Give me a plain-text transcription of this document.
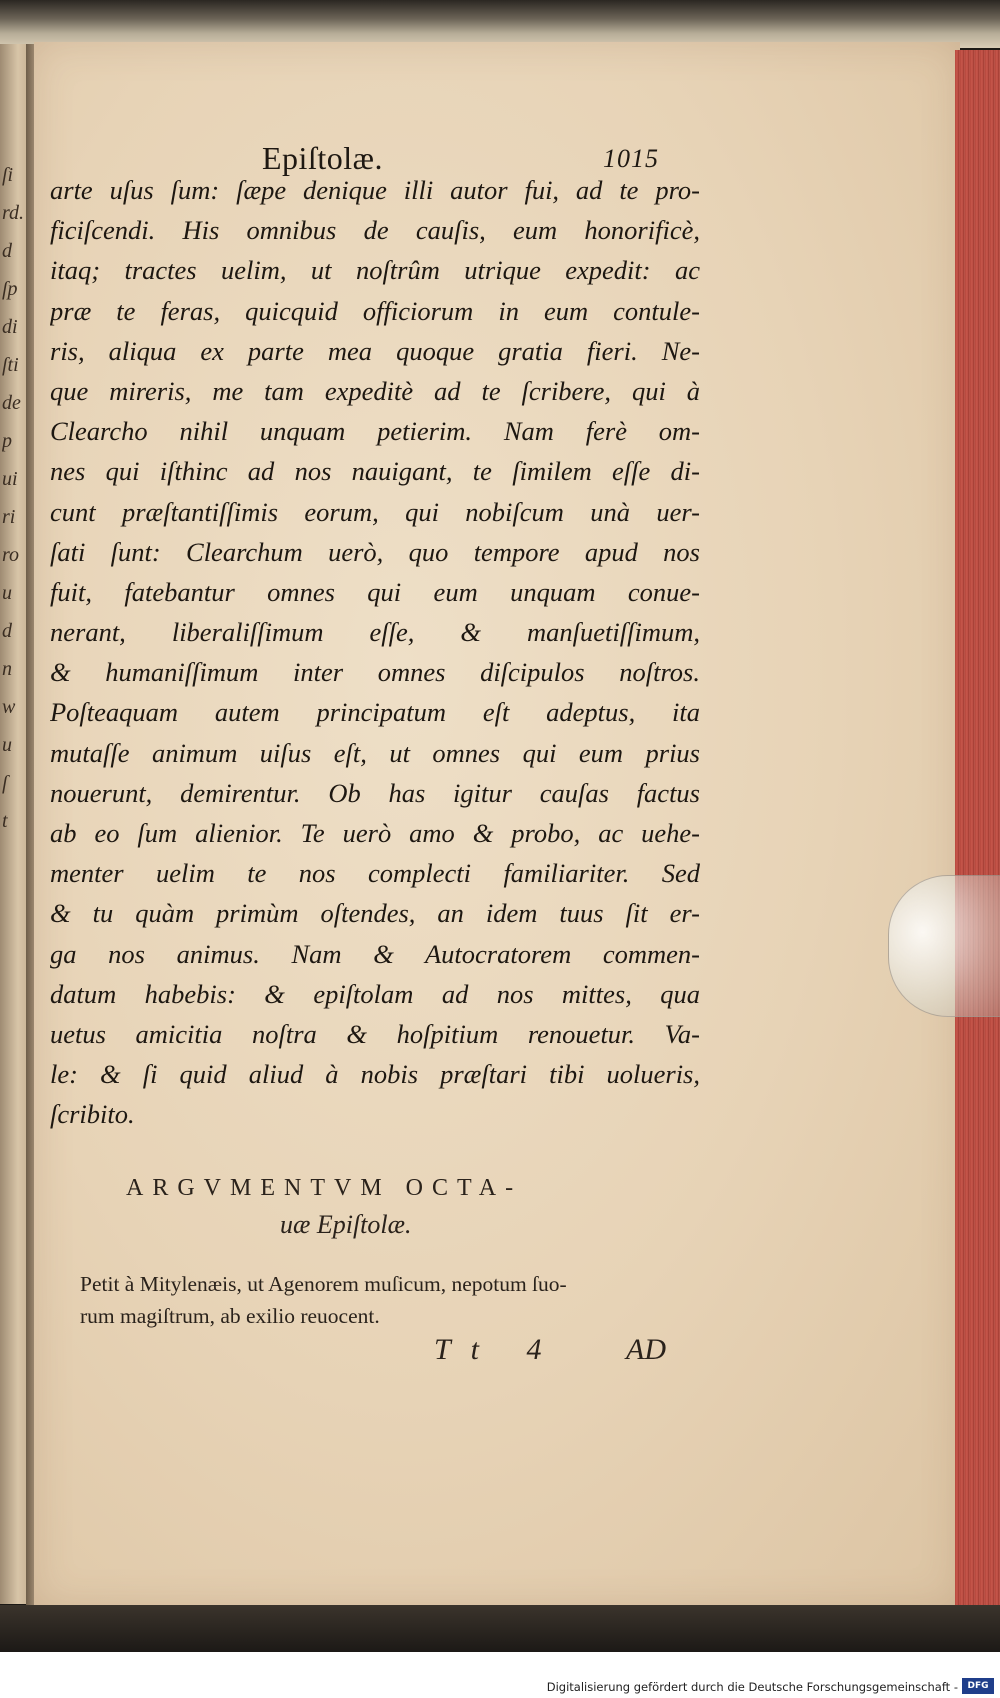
ſi
rd.
d
ſp
di
ſti
de
p
ui
ri
ro
u
d
n
w
u
ſ
t
Epiſtolæ.	1015
arte uſus ſum: ſæpe denique illi autor fui, ad te pro-
ficiſcendi. His omnibus de cauſis, eum honorificè,
itaq; tractes uelim, ut noſtrûm utrique expedit: ac
præ te feras, quicquid officiorum in eum contule-
ris, aliqua ex parte mea quoque gratia fieri. Ne-
que mireris, me tam expeditè ad te ſcribere, qui à
Clearcho nihil unquam petierim. Nam ferè om-
nes qui iſthinc ad nos nauigant, te ſimilem eſſe di-
cunt præſtantiſſimis eorum, qui nobiſcum unà uer-
ſati ſunt: Clearchum uerò, quo tempore apud nos
fuit, fatebantur omnes qui eum unquam conue-
nerant, liberaliſſimum eſſe, & manſuetiſſimum,
& humaniſſimum inter omnes diſcipulos noſtros.
Poſteaquam autem principatum eſt adeptus, ita
mutaſſe animum uiſus eſt, ut omnes qui eum prius
nouerunt, demirentur. Ob has igitur cauſas factus
ab eo ſum alienior. Te uerò amo & probo, ac uehe-
menter uelim te nos complecti familiariter. Sed
& tu quàm primùm oſtendes, an idem tuus ſit er-
ga nos animus. Nam & Autocratorem commen-
datum habebis: & epiſtolam ad nos mittes, qua
uetus amicitia noſtra & hoſpitium renouetur. Va-
le: & ſi quid aliud à nobis præſtari tibi uolueris,
ſcribito.
ARGVMENTVM OCTA-
uæ Epiſtolæ.
Petit à Mitylenæis, ut Agenorem muſicum, nepotum ſuo-
rum magiſtrum, ab exilio reuocent.
Tt 4 AD
Digitalisierung gefördert durch die Deutsche Forschungsgemeinschaft -	DFG
